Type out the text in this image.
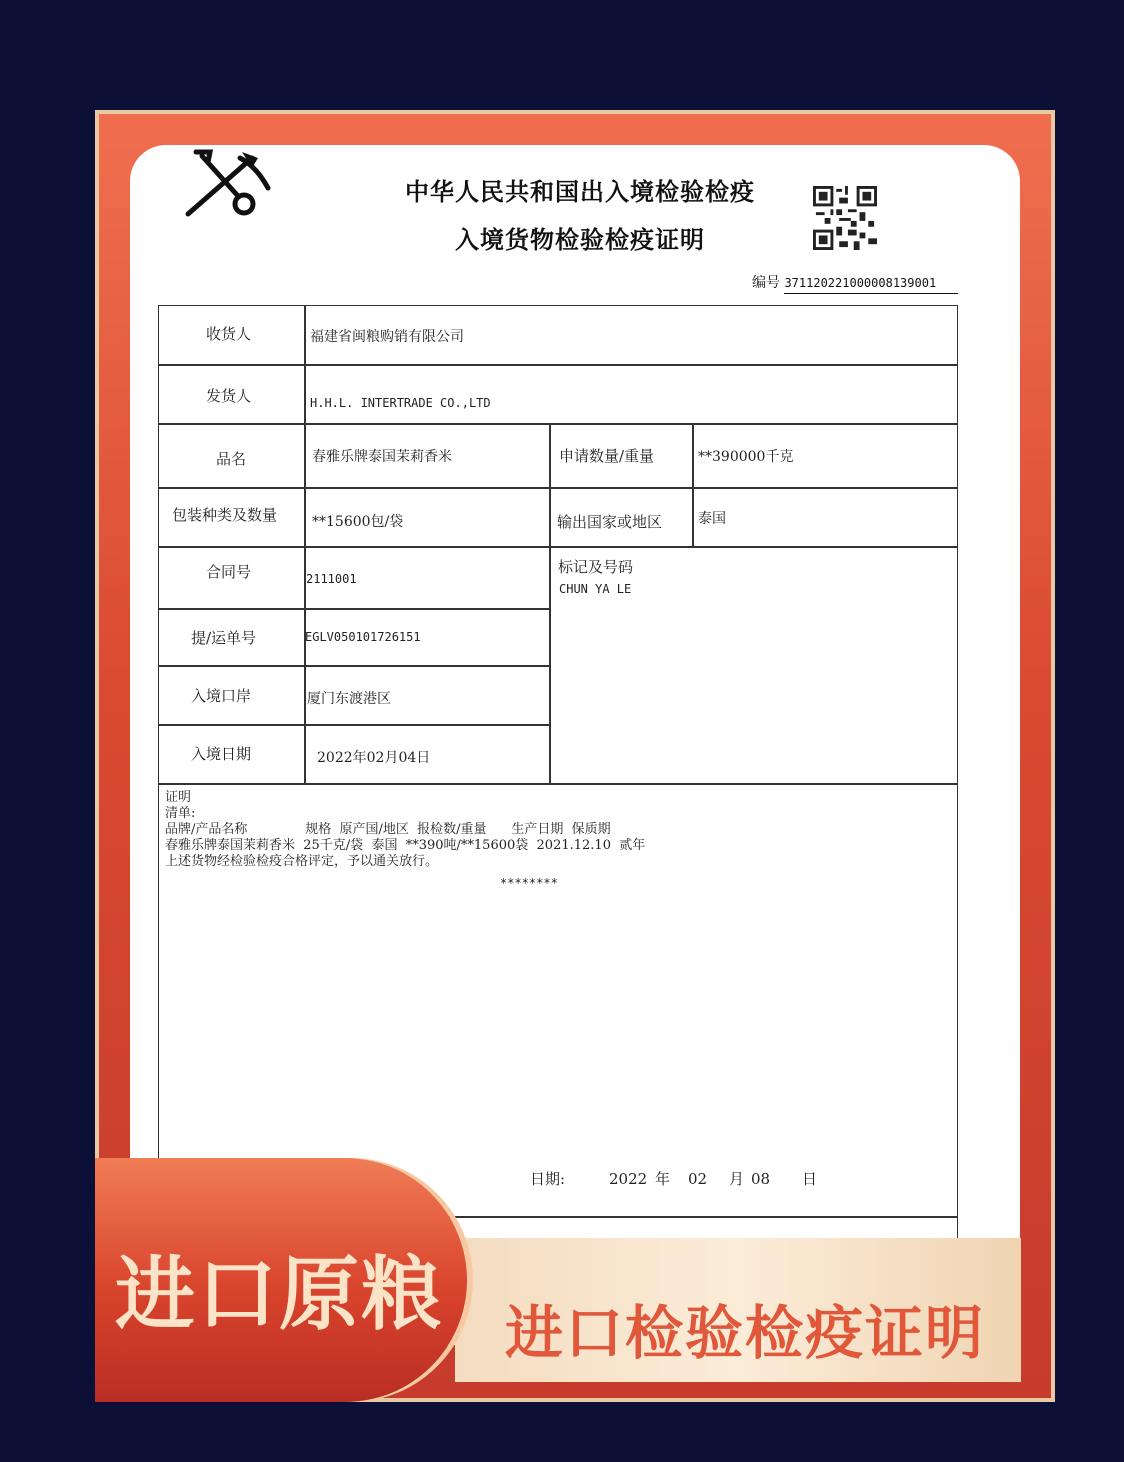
中华人民共和国出入境检验检疫
入境货物检验检疫证明
编号 371120221000008139001
收货人	福建省闽粮购销有限公司
发货人	H.H.L. INTERTRADE CO.,LTD
品名	春雅乐牌泰国茉莉香米	申请数量/重量	**390000千克
包装种类及数量 **15600包/袋	输出国家或地区	泰国
合同号	2111001
标记及号码
CHUN YA LE
提/运单号	EGLV050101726151
入境口岸	厦门东渡港区
入境日期	2022年02月04日
证明
清单:
品牌/产品名称              规格  原产国/地区  报检数/重量      生产日期  保质期
春雅乐牌泰国茉莉香米  25千克/袋  泰国  **390吨/**15600袋  2021.12.10  贰年
上述货物经检验检疫合格评定，予以通关放行。
********
日期:	2022 年 02 月 08 日
进口检验检疫证明
进口原粮
